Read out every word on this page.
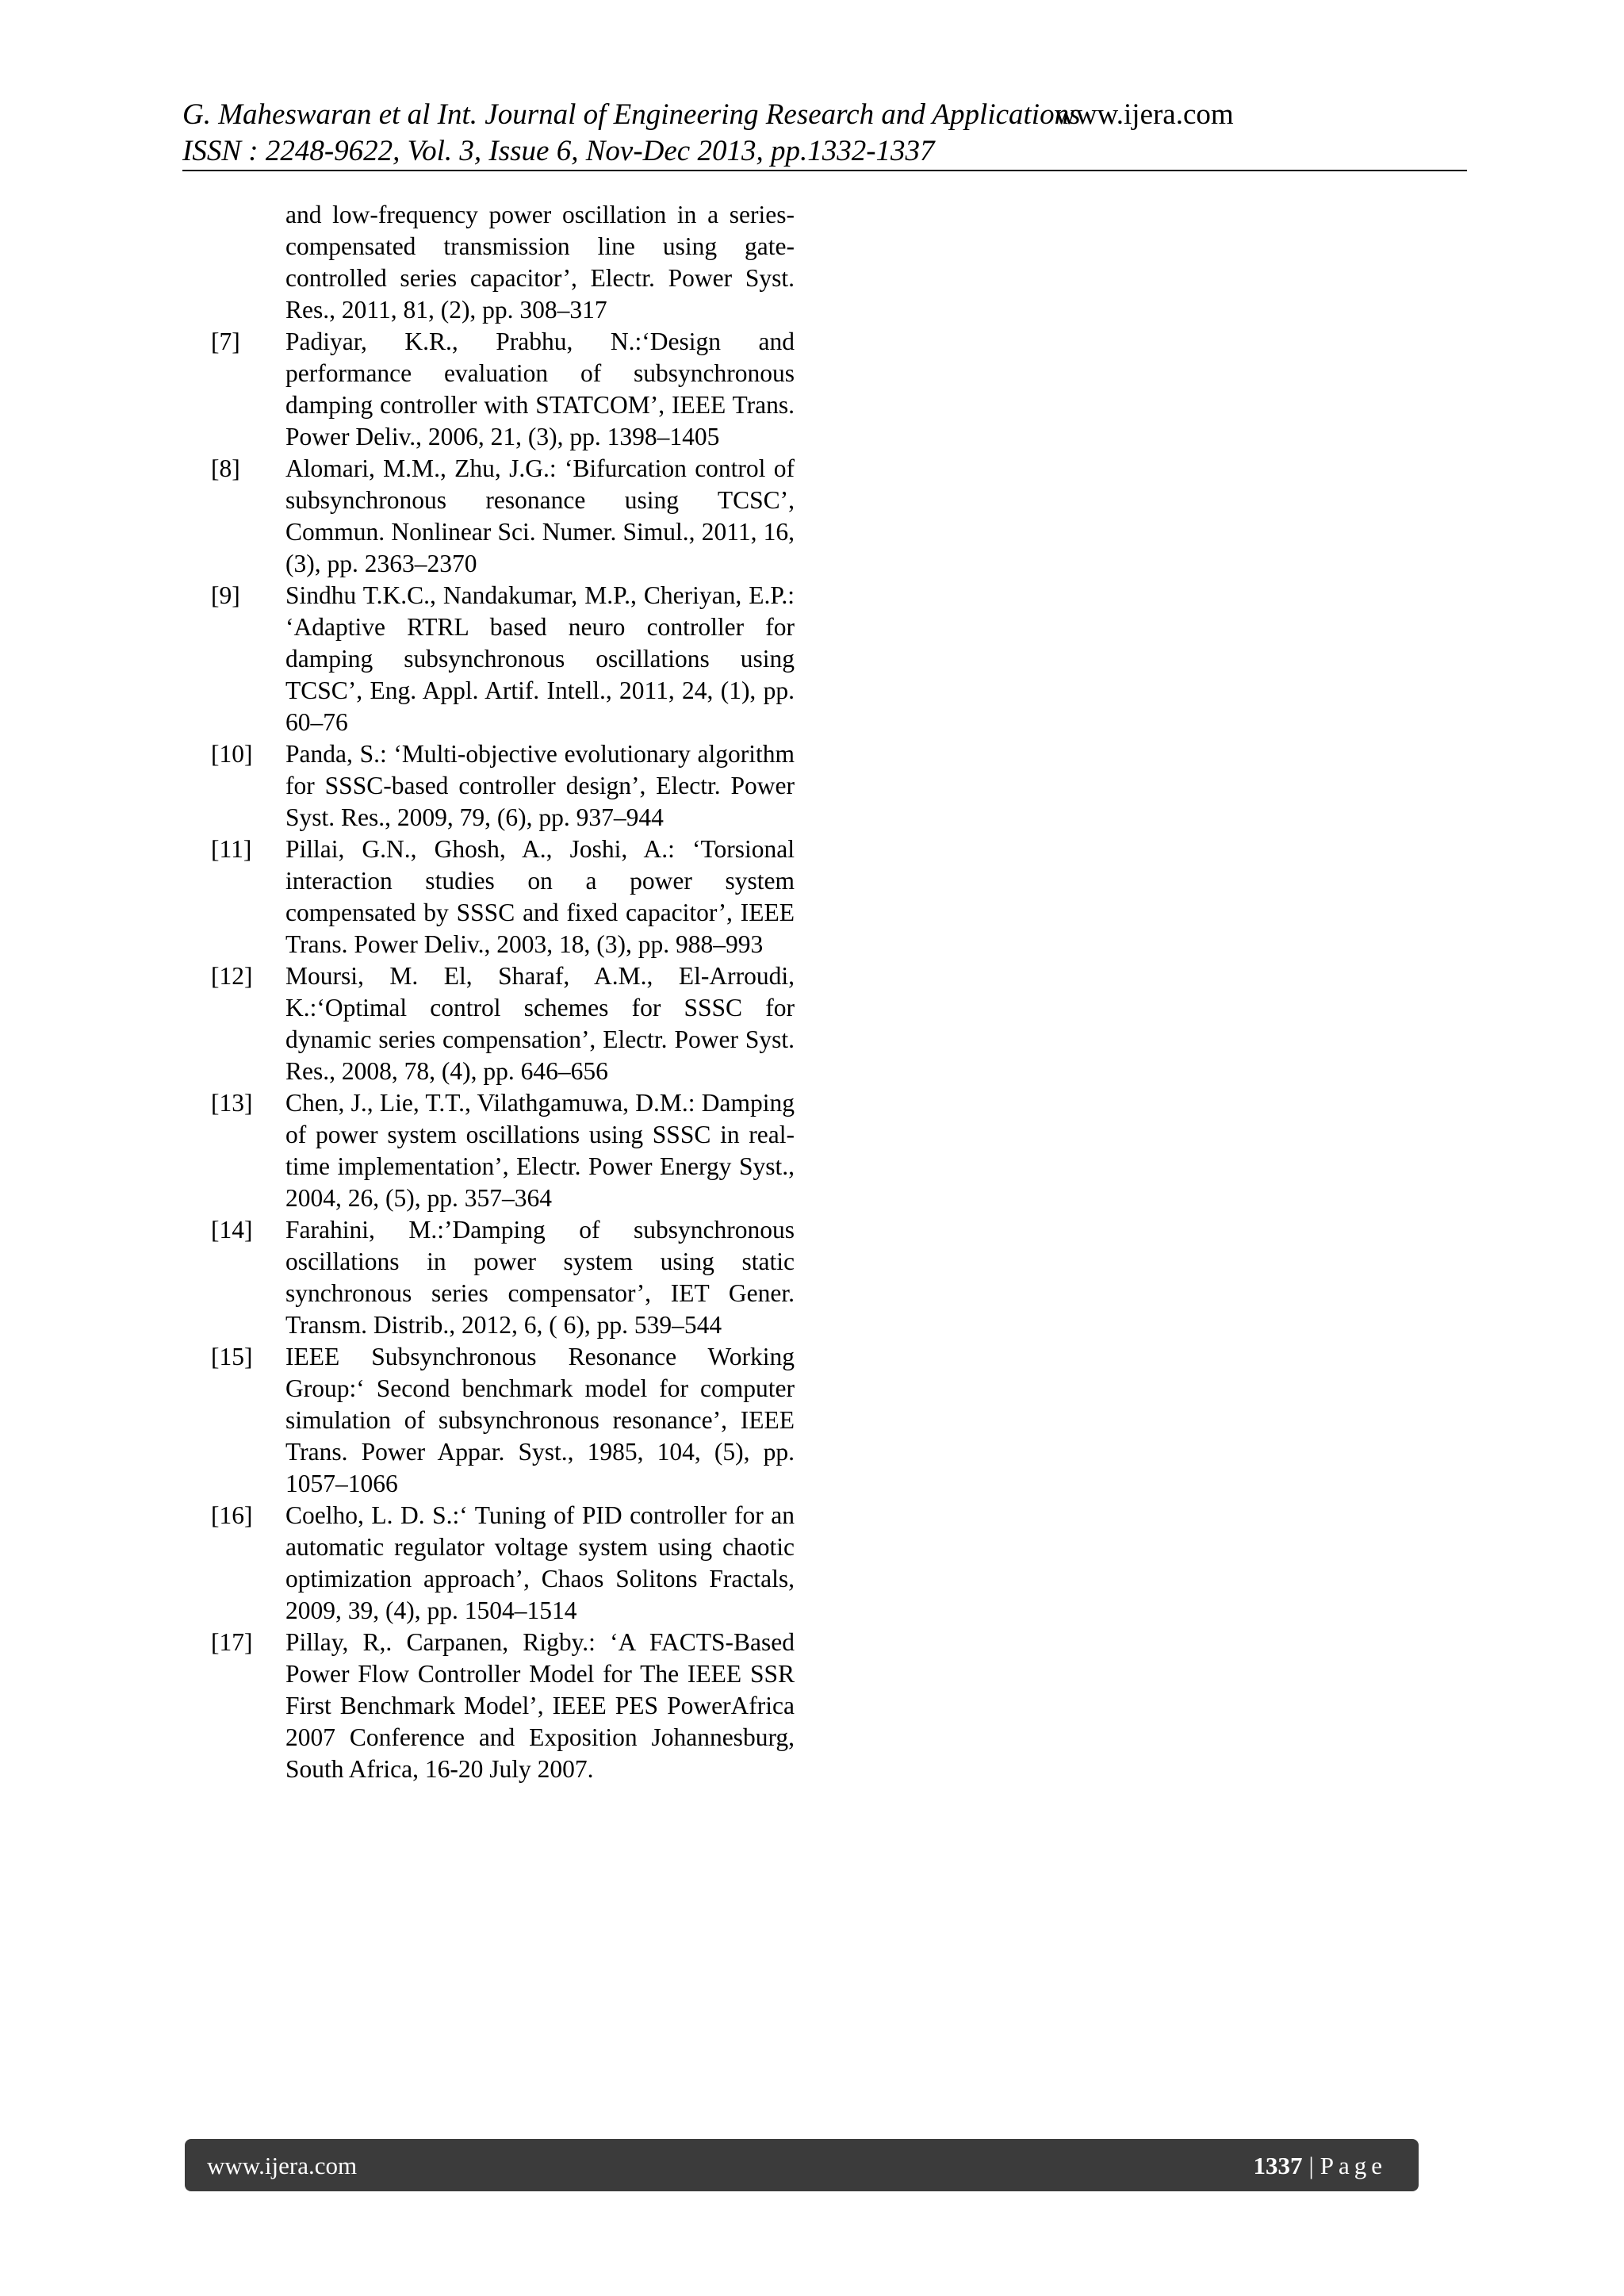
G. Maheswaran et al Int. Journal of Engineering Research and Applications
ISSN : 2248-9622, Vol. 3, Issue 6, Nov-Dec 2013, pp.1332-1337
www.ijera.com
and low-frequency power oscillation in a series-compensated transmission line using gate-controlled series capacitor’, Electr. Power Syst. Res., 2011, 81, (2), pp. 308–317
[7] Padiyar, K.R., Prabhu, N.:‘Design and performance evaluation of subsynchronous damping controller with STATCOM’, IEEE Trans. Power Deliv., 2006, 21, (3), pp. 1398–1405
[8] Alomari, M.M., Zhu, J.G.: ‘Bifurcation control of subsynchronous resonance using TCSC’, Commun. Nonlinear Sci. Numer. Simul., 2011, 16, (3), pp. 2363–2370
[9] Sindhu T.K.C., Nandakumar, M.P., Cheriyan, E.P.: ‘Adaptive RTRL based neuro controller for damping subsynchronous oscillations using TCSC’, Eng. Appl. Artif. Intell., 2011, 24, (1), pp. 60–76
[10] Panda, S.: ‘Multi-objective evolutionary algorithm for SSSC-based controller design’, Electr. Power Syst. Res., 2009, 79, (6), pp. 937–944
[11] Pillai, G.N., Ghosh, A., Joshi, A.: ‘Torsional interaction studies on a power system compensated by SSSC and fixed capacitor’, IEEE Trans. Power Deliv., 2003, 18, (3), pp. 988–993
[12] Moursi, M. El, Sharaf, A.M., El-Arroudi, K.:‘Optimal control schemes for SSSC for dynamic series compensation’, Electr. Power Syst. Res., 2008, 78, (4), pp. 646–656
[13] Chen, J., Lie, T.T., Vilathgamuwa, D.M.: Damping of power system oscillations using SSSC in real-time implementation’, Electr. Power Energy Syst., 2004, 26, (5), pp. 357–364
[14] Farahini, M.:’Damping of subsynchronous oscillations in power system using static synchronous series compensator’, IET Gener. Transm. Distrib., 2012, 6, ( 6), pp. 539–544
[15] IEEE Subsynchronous Resonance Working Group:‘ Second benchmark model for computer simulation of subsynchronous resonance’, IEEE Trans. Power Appar. Syst., 1985, 104, (5), pp. 1057–1066
[16] Coelho, L. D. S.:‘ Tuning of PID controller for an automatic regulator voltage system using chaotic optimization approach’, Chaos Solitons Fractals, 2009, 39, (4), pp. 1504–1514
[17] Pillay, R,. Carpanen, Rigby.: ‘A FACTS-Based Power Flow Controller Model for The IEEE SSR First Benchmark Model’, IEEE PES PowerAfrica 2007 Conference and Exposition Johannesburg, South Africa, 16-20 July 2007.
www.ijera.com	1337 | Page
